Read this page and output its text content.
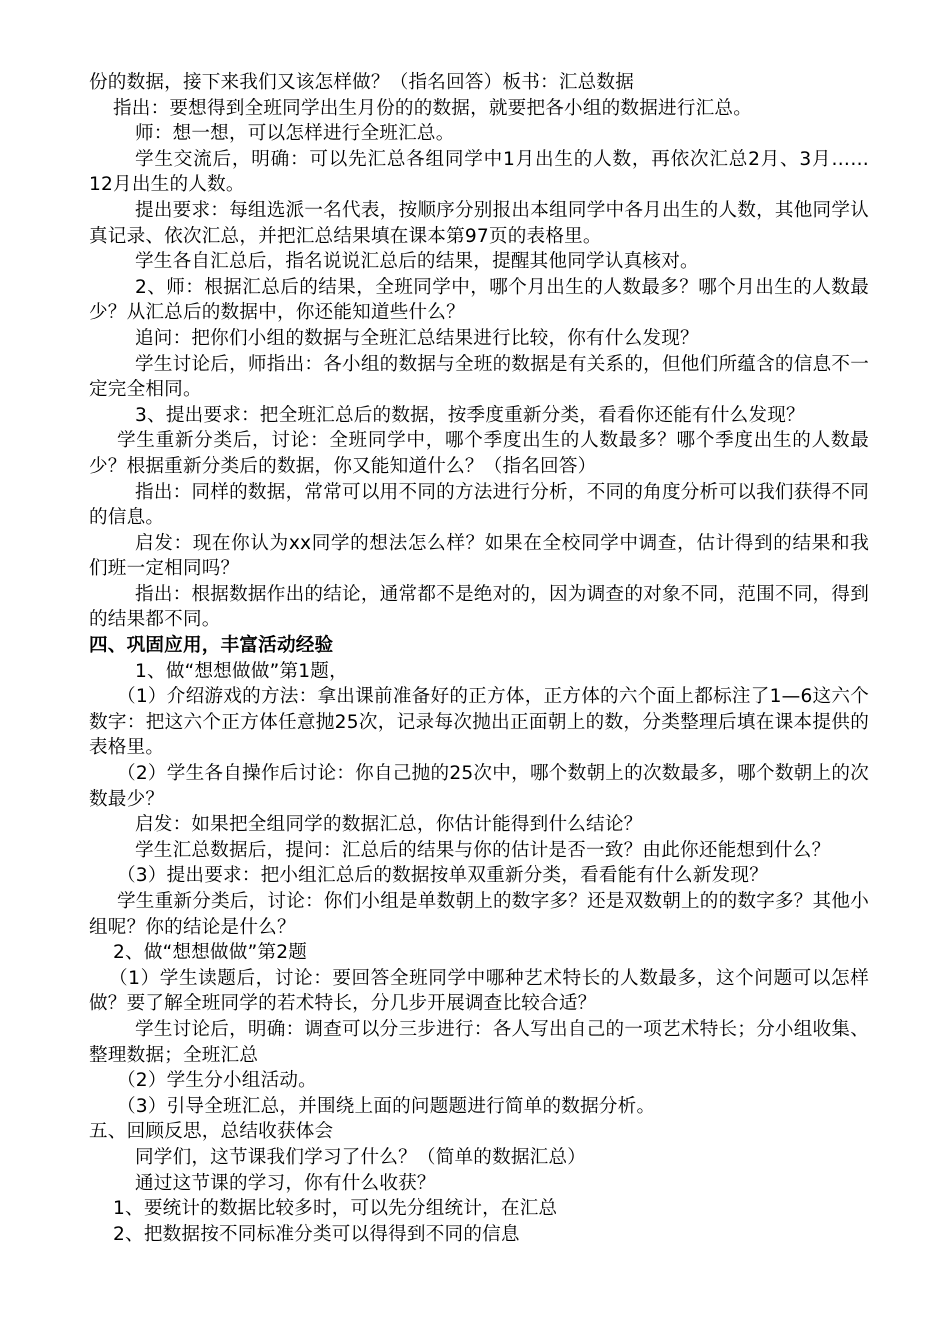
份的数据，接下来我们又该怎样做？（指名回答）板书：汇总数据

指出：要想得到全班同学出生月份的的数据，就要把各小组的数据进行汇总。

师：想一想，可以怎样进行全班汇总。

学生交流后，明确：可以先汇总各组同学中1月出生的人数，再依次汇总2月、3月……12月出生的人数。

提出要求：每组选派一名代表，按顺序分别报出本组同学中各月出生的人数，其他同学认真记录、依次汇总，并把汇总结果填在课本第97页的表格里。

学生各自汇总后，指名说说汇总后的结果，提醒其他同学认真核对。

2、师：根据汇总后的结果，全班同学中，哪个月出生的人数最多？哪个月出生的人数最少？从汇总后的数据中，你还能知道些什么？

追问：把你们小组的数据与全班汇总结果进行比较，你有什么发现？

学生讨论后，师指出：各小组的数据与全班的数据是有关系的，但他们所蕴含的信息不一定完全相同。

3、提出要求：把全班汇总后的数据，按季度重新分类，看看你还能有什么发现？

学生重新分类后，讨论：全班同学中，哪个季度出生的人数最多？哪个季度出生的人数最少？根据重新分类后的数据，你又能知道什么？（指名回答）

指出：同样的数据，常常可以用不同的方法进行分析，不同的角度分析可以我们获得不同的信息。

启发：现在你认为xx同学的想法怎么样？如果在全校同学中调查，估计得到的结果和我们班一定相同吗？

指出：根据数据作出的结论，通常都不是绝对的，因为调查的对象不同，范围不同，得到的结果都不同。

四、巩固应用，丰富活动经验

1、做“想想做做”第1题，

（1）介绍游戏的方法：拿出课前准备好的正方体，正方体的六个面上都标注了1—6这六个数字：把这六个正方体任意抛25次，记录每次抛出正面朝上的数，分类整理后填在课本提供的表格里。

（2）学生各自操作后讨论：你自己抛的25次中，哪个数朝上的次数最多，哪个数朝上的次数最少？

启发：如果把全组同学的数据汇总，你估计能得到什么结论？

学生汇总数据后，提问：汇总后的结果与你的估计是否一致？由此你还能想到什么？

（3）提出要求：把小组汇总后的数据按单双重新分类，看看能有什么新发现？

学生重新分类后，讨论：你们小组是单数朝上的数字多？还是双数朝上的的数字多？其他小组呢？你的结论是什么？

2、做“想想做做”第2题

（1）学生读题后，讨论：要回答全班同学中哪种艺术特长的人数最多，这个问题可以怎样做？要了解全班同学的若术特长，分几步开展调查比较合适？

学生讨论后，明确：调查可以分三步进行：各人写出自己的一项艺术特长；分小组收集、整理数据；全班汇总

（2）学生分小组活动。

（3）引导全班汇总，并围绕上面的问题题进行简单的数据分析。

五、回顾反思，总结收获体会

同学们，这节课我们学习了什么？（简单的数据汇总）

通过这节课的学习，你有什么收获？

1、要统计的数据比较多时，可以先分组统计，在汇总

2、把数据按不同标准分类可以得得到不同的信息
